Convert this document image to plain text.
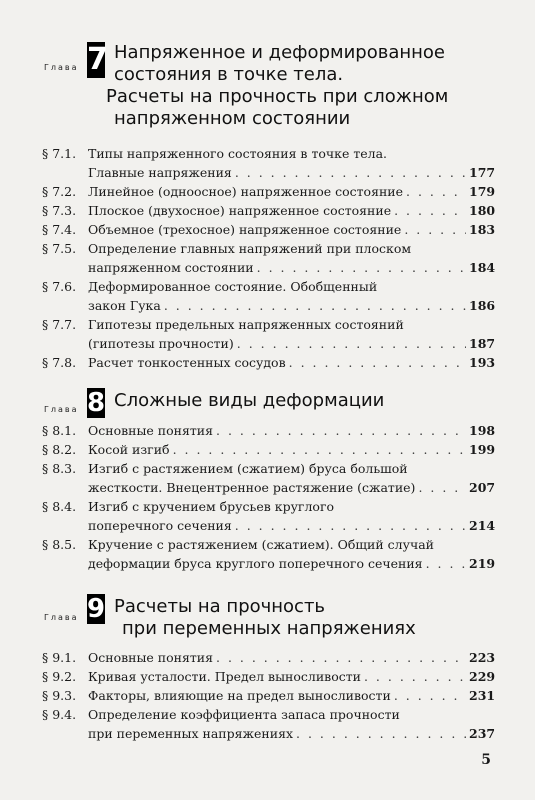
Глава 7 Напряженное и деформированное
состояния в точке тела.
Расчеты на прочность при сложном
напряженном состоянии
§ 7.1. Типы напряженного состояния в точке тела.
Главные напряжения . . .	177
§ 7.2. Линейное (одноосное) напряженное состояние . . .	179
§ 7.3. Плоское (двухосное) напряженное состояние . . .	180
§ 7.4. Объемное (трехосное) напряженное состояние . . .	183
§ 7.5. Определение главных напряжений при плоском
напряженном состоянии . . .	184
§ 7.6. Деформированное состояние. Обобщенный
закон Гука . . .	186
§ 7.7. Гипотезы предельных напряженных состояний
(гипотезы прочности) . . .	187
§ 7.8. Расчет тонкостенных сосудов . . .	193
Глава 8 Сложные виды деформации
§ 8.1. Основные понятия . . .	198
§ 8.2. Косой изгиб . . .	199
§ 8.3. Изгиб с растяжением (сжатием) бруса большой
жесткости. Внецентренное растяжение (сжатие) . . .	207
§ 8.4. Изгиб с кручением брусьев круглого
поперечного сечения . . .	214
§ 8.5. Кручение с растяжением (сжатием). Общий случай
деформации бруса круглого поперечного сечения . . .	219
Глава 9 Расчеты на прочность
при переменных напряжениях
§ 9.1. Основные понятия . . .	223
§ 9.2. Кривая усталости. Предел выносливости . . .	229
§ 9.3. Факторы, влияющие на предел выносливости . . .	231
§ 9.4. Определение коэффициента запаса прочности
при переменных напряжениях . . .	237
5
